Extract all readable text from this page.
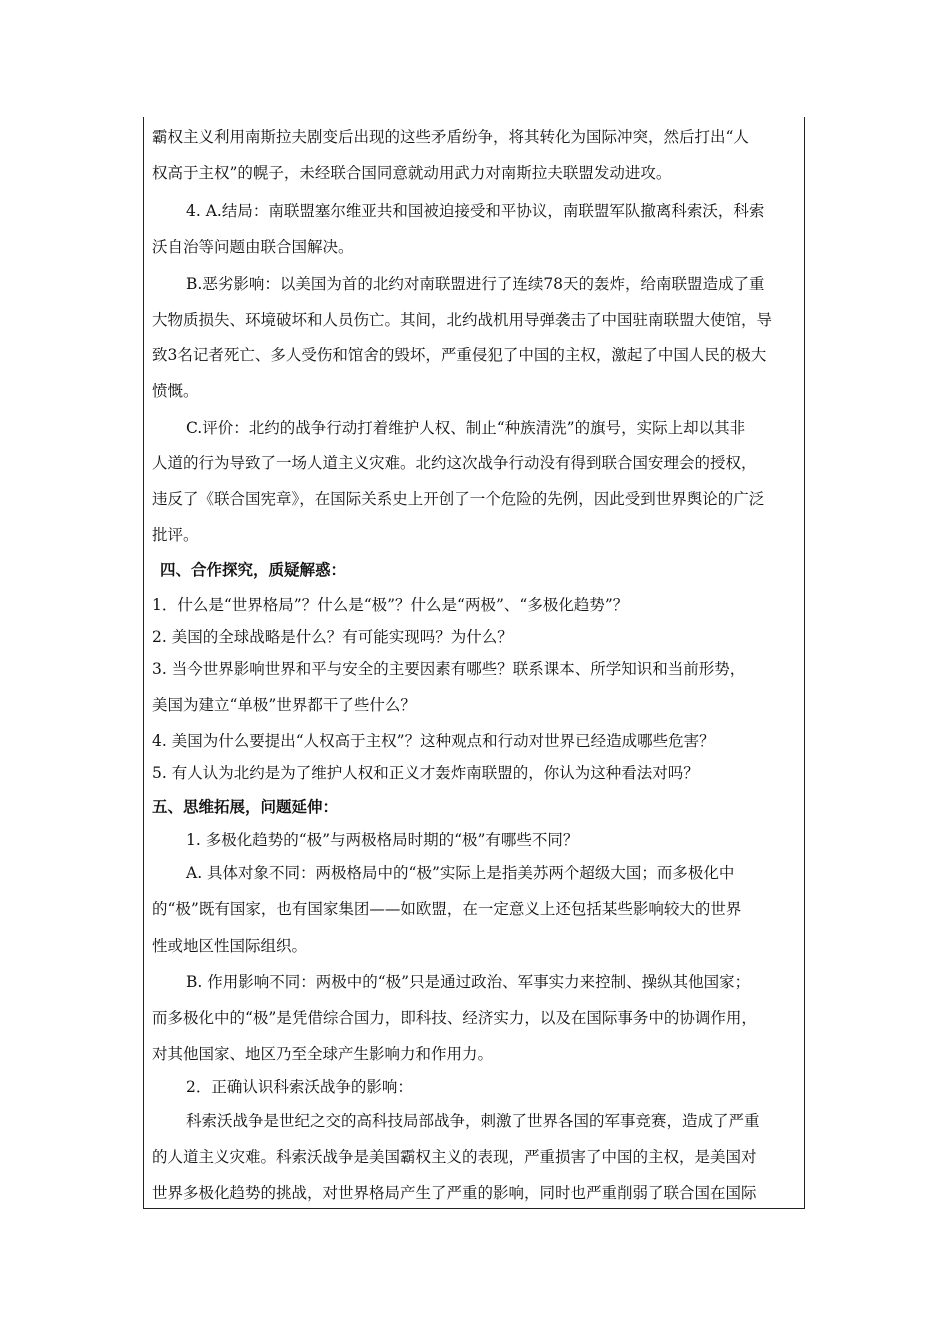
霸权主义利用南斯拉夫剧变后出现的这些矛盾纷争，将其转化为国际冲突，然后打出“人
权高于主权”的幌子，未经联合国同意就动用武力对南斯拉夫联盟发动进攻。
4. A.结局：南联盟塞尔维亚共和国被迫接受和平协议，南联盟军队撤离科索沃，科索
沃自治等问题由联合国解决。
B.恶劣影响：以美国为首的北约对南联盟进行了连续78天的轰炸，给南联盟造成了重
大物质损失、环境破坏和人员伤亡。其间，北约战机用导弹袭击了中国驻南联盟大使馆，导
致3名记者死亡、多人受伤和馆舍的毁坏，严重侵犯了中国的主权，激起了中国人民的极大
愤慨。
C.评价：北约的战争行动打着维护人权、制止“种族清洗”的旗号，实际上却以其非
人道的行为导致了一场人道主义灾难。北约这次战争行动没有得到联合国安理会的授权，
违反了《联合国宪章》，在国际关系史上开创了一个危险的先例，因此受到世界舆论的广泛
批评。
四、合作探究，质疑解惑：
1．什么是“世界格局”？什么是“极”？什么是“两极”、“多极化趋势”？
2. 美国的全球战略是什么？有可能实现吗？为什么？
3. 当今世界影响世界和平与安全的主要因素有哪些？联系课本、所学知识和当前形势，
美国为建立“单极”世界都干了些什么？
4. 美国为什么要提出“人权高于主权”？这种观点和行动对世界已经造成哪些危害？
5. 有人认为北约是为了维护人权和正义才轰炸南联盟的，你认为这种看法对吗？
五、思维拓展，问题延伸：
1. 多极化趋势的“极”与两极格局时期的“极”有哪些不同？
A. 具体对象不同：两极格局中的“极”实际上是指美苏两个超级大国；而多极化中
的“极”既有国家，也有国家集团——如欧盟，在一定意义上还包括某些影响较大的世界
性或地区性国际组织。
B. 作用影响不同：两极中的“极”只是通过政治、军事实力来控制、操纵其他国家；
而多极化中的“极”是凭借综合国力，即科技、经济实力，以及在国际事务中的协调作用，
对其他国家、地区乃至全球产生影响力和作用力。
2．正确认识科索沃战争的影响：
科索沃战争是世纪之交的高科技局部战争，刺激了世界各国的军事竞赛，造成了严重
的人道主义灾难。科索沃战争是美国霸权主义的表现，严重损害了中国的主权，是美国对
世界多极化趋势的挑战，对世界格局产生了严重的影响，同时也严重削弱了联合国在国际
